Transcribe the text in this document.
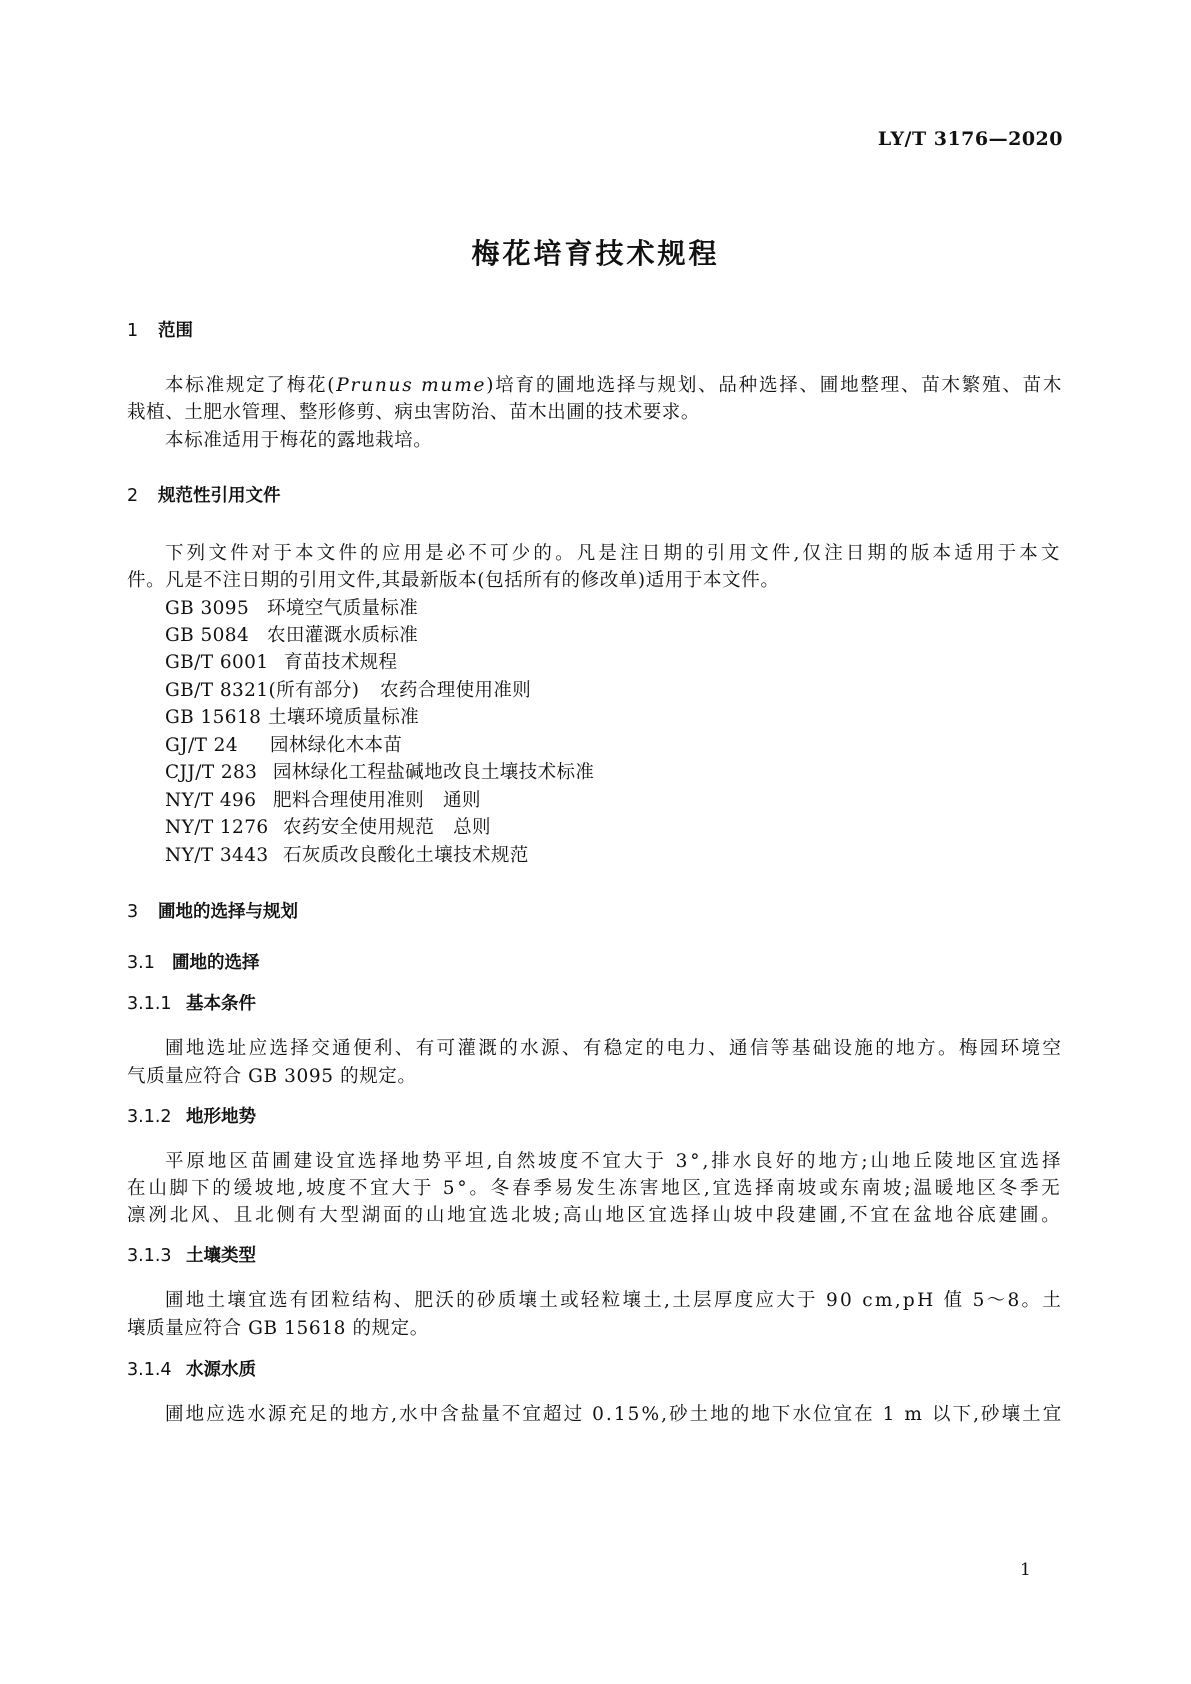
LY/T 3176—2020
梅花培育技术规程
1 范围
本标准规定了梅花(Prunus mume)培育的圃地选择与规划、品种选择、圃地整理、苗木繁殖、苗木
栽植、土肥水管理、整形修剪、病虫害防治、苗木出圃的技术要求。
本标准适用于梅花的露地栽培。
2 规范性引用文件
下列文件对于本文件的应用是必不可少的。凡是注日期的引用文件,仅注日期的版本适用于本文
件。凡是不注日期的引用文件,其最新版本(包括所有的修改单)适用于本文件。
GB 3095 环境空气质量标准
GB 5084 农田灌溉水质标准
GB/T 6001 育苗技术规程
GB/T 8321(所有部分) 农药合理使用准则
GB 15618 土壤环境质量标准
GJ/T 24 园林绿化木本苗
CJJ/T 283 园林绿化工程盐碱地改良土壤技术标准
NY/T 496 肥料合理使用准则　通则
NY/T 1276 农药安全使用规范　总则
NY/T 3443 石灰质改良酸化土壤技术规范
3 圃地的选择与规划
3.1 圃地的选择
3.1.1 基本条件
圃地选址应选择交通便利、有可灌溉的水源、有稳定的电力、通信等基础设施的地方。梅园环境空
气质量应符合 GB 3095 的规定。
3.1.2 地形地势
平原地区苗圃建设宜选择地势平坦,自然坡度不宜大于 3°,排水良好的地方;山地丘陵地区宜选择
在山脚下的缓坡地,坡度不宜大于 5°。冬春季易发生冻害地区,宜选择南坡或东南坡;温暖地区冬季无
凛冽北风、且北侧有大型湖面的山地宜选北坡;高山地区宜选择山坡中段建圃,不宜在盆地谷底建圃。
3.1.3 土壤类型
圃地土壤宜选有团粒结构、肥沃的砂质壤土或轻粒壤土,土层厚度应大于 90 cm,pH 值 5～8。土
壤质量应符合 GB 15618 的规定。
3.1.4 水源水质
圃地应选水源充足的地方,水中含盐量不宜超过 0.15%,砂土地的地下水位宜在 1 m 以下,砂壤土宜
1
